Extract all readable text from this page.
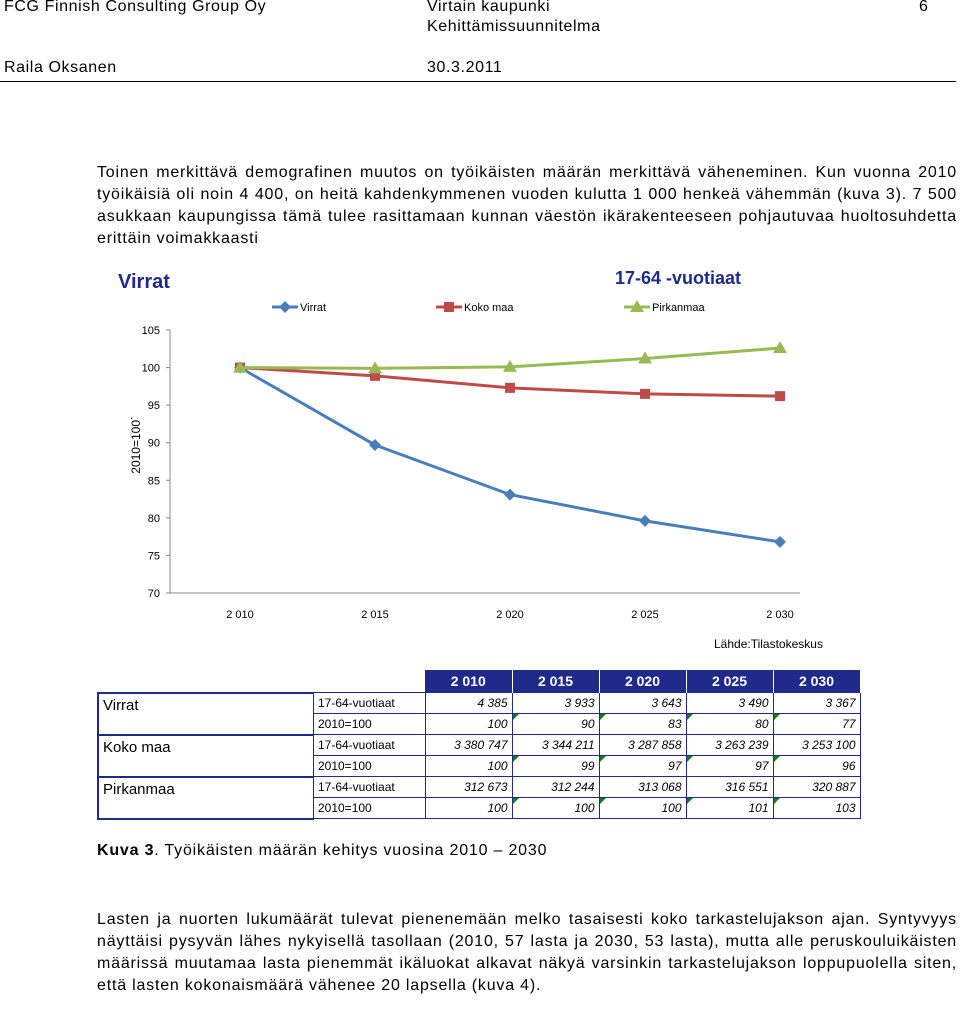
FCG Finnish Consulting Group Oy	Virtain kaupunki	6
Kehittämissuunnitelma
Raila Oksanen	30.3.2011

Toinen merkittävä demografinen muutos on työikäisten määrän merkittävä väheneminen. Kun vuonna 2010 työikäisiä oli noin 4 400, on heitä kahdenkymmenen vuoden kulutta 1 000 henkeä vähemmän (kuva 3). 7 500 asukkaan kaupungissa tämä tulee rasittamaan kunnan väestön ikärakenteeseen pohjautuvaa huoltosuhdetta erittäin voimakkaasti

Virrat	17-64 -vuotiaat
70
75
80
85
90
95
100
105
2 010	2 015	2 020	2 025	2 030
Virrat	Koko maa	Pirkanmaa
.
2010=100
Lähde:Tilastokeskus
		2 010	2 015	2 020	2 025	2 030
Virrat	17-64-vuotiaat	4 385	3 933	3 643	3 490	3 367
	2010=100	100	90	83	80	77
Koko maa	17-64-vuotiaat	3 380 747	3 344 211	3 287 858	3 263 239	3 253 100
	2010=100	100	99	97	97	96
Pirkanmaa	17-64-vuotiaat	312 673	312 244	313 068	316 551	320 887
	2010=100	100	100	100	101	103
Kuva 3. Työikäisten määrän kehitys vuosina 2010 – 2030

Lasten ja nuorten lukumäärät tulevat pienenemään melko tasaisesti koko tarkastelujakson ajan. Syntyvyys näyttäisi pysyvän lähes nykyisellä tasollaan (2010, 57 lasta ja 2030, 53 lasta), mutta alle peruskouluikäisten määrissä muutamaa lasta pienemmät ikäluokat alkavat näkyä varsinkin tarkastelujakson loppupuolella siten, että lasten kokonaismäärä vähenee 20 lapsella (kuva 4).
